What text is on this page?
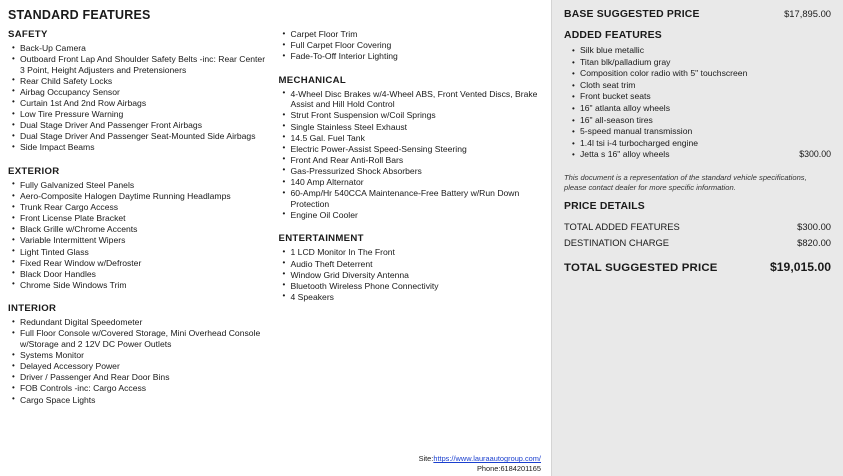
STANDARD FEATURES
SAFETY
• Back-Up Camera
• Outboard Front Lap And Shoulder Safety Belts -inc: Rear Center 3 Point, Height Adjusters and Pretensioners
• Rear Child Safety Locks
• Airbag Occupancy Sensor
• Curtain 1st And 2nd Row Airbags
• Low Tire Pressure Warning
• Dual Stage Driver And Passenger Front Airbags
• Dual Stage Driver And Passenger Seat-Mounted Side Airbags
• Side Impact Beams
EXTERIOR
• Fully Galvanized Steel Panels
• Aero-Composite Halogen Daytime Running Headlamps
• Trunk Rear Cargo Access
• Front License Plate Bracket
• Black Grille w/Chrome Accents
• Variable Intermittent Wipers
• Light Tinted Glass
• Fixed Rear Window w/Defroster
• Black Door Handles
• Chrome Side Windows Trim
INTERIOR
• Redundant Digital Speedometer
• Full Floor Console w/Covered Storage, Mini Overhead Console w/Storage and 2 12V DC Power Outlets
• Systems Monitor
• Delayed Accessory Power
• Driver / Passenger And Rear Door Bins
• FOB Controls -inc: Cargo Access
• Cargo Space Lights
• Carpet Floor Trim
• Full Carpet Floor Covering
• Fade-To-Off Interior Lighting
MECHANICAL
• 4-Wheel Disc Brakes w/4-Wheel ABS, Front Vented Discs, Brake Assist and Hill Hold Control
• Strut Front Suspension w/Coil Springs
• Single Stainless Steel Exhaust
• 14.5 Gal. Fuel Tank
• Electric Power-Assist Speed-Sensing Steering
• Front And Rear Anti-Roll Bars
• Gas-Pressurized Shock Absorbers
• 140 Amp Alternator
• 60-Amp/Hr 540CCA Maintenance-Free Battery w/Run Down Protection
• Engine Oil Cooler
ENTERTAINMENT
• 1 LCD Monitor In The Front
• Audio Theft Deterrent
• Window Grid Diversity Antenna
• Bluetooth Wireless Phone Connectivity
• 4 Speakers
Site:https://www.lauraautogroup.com/
Phone:6184201165
BASE SUGGESTED PRICE	$17,895.00
ADDED FEATURES
• Silk blue metallic
• Titan blk/palladium gray
• Composition color radio with 5" touchscreen
• Cloth seat trim
• Front bucket seats
• 16" atlanta alloy wheels
• 16" all-season tires
• 5-speed manual transmission
• 1.4l tsi i-4 turbocharged engine
• Jetta s 16" alloy wheels	$300.00
This document is a representation of the standard vehicle specifications, please contact dealer for more specific information.
PRICE DETAILS
TOTAL ADDED FEATURES	$300.00
DESTINATION CHARGE	$820.00
TOTAL SUGGESTED PRICE	$19,015.00
